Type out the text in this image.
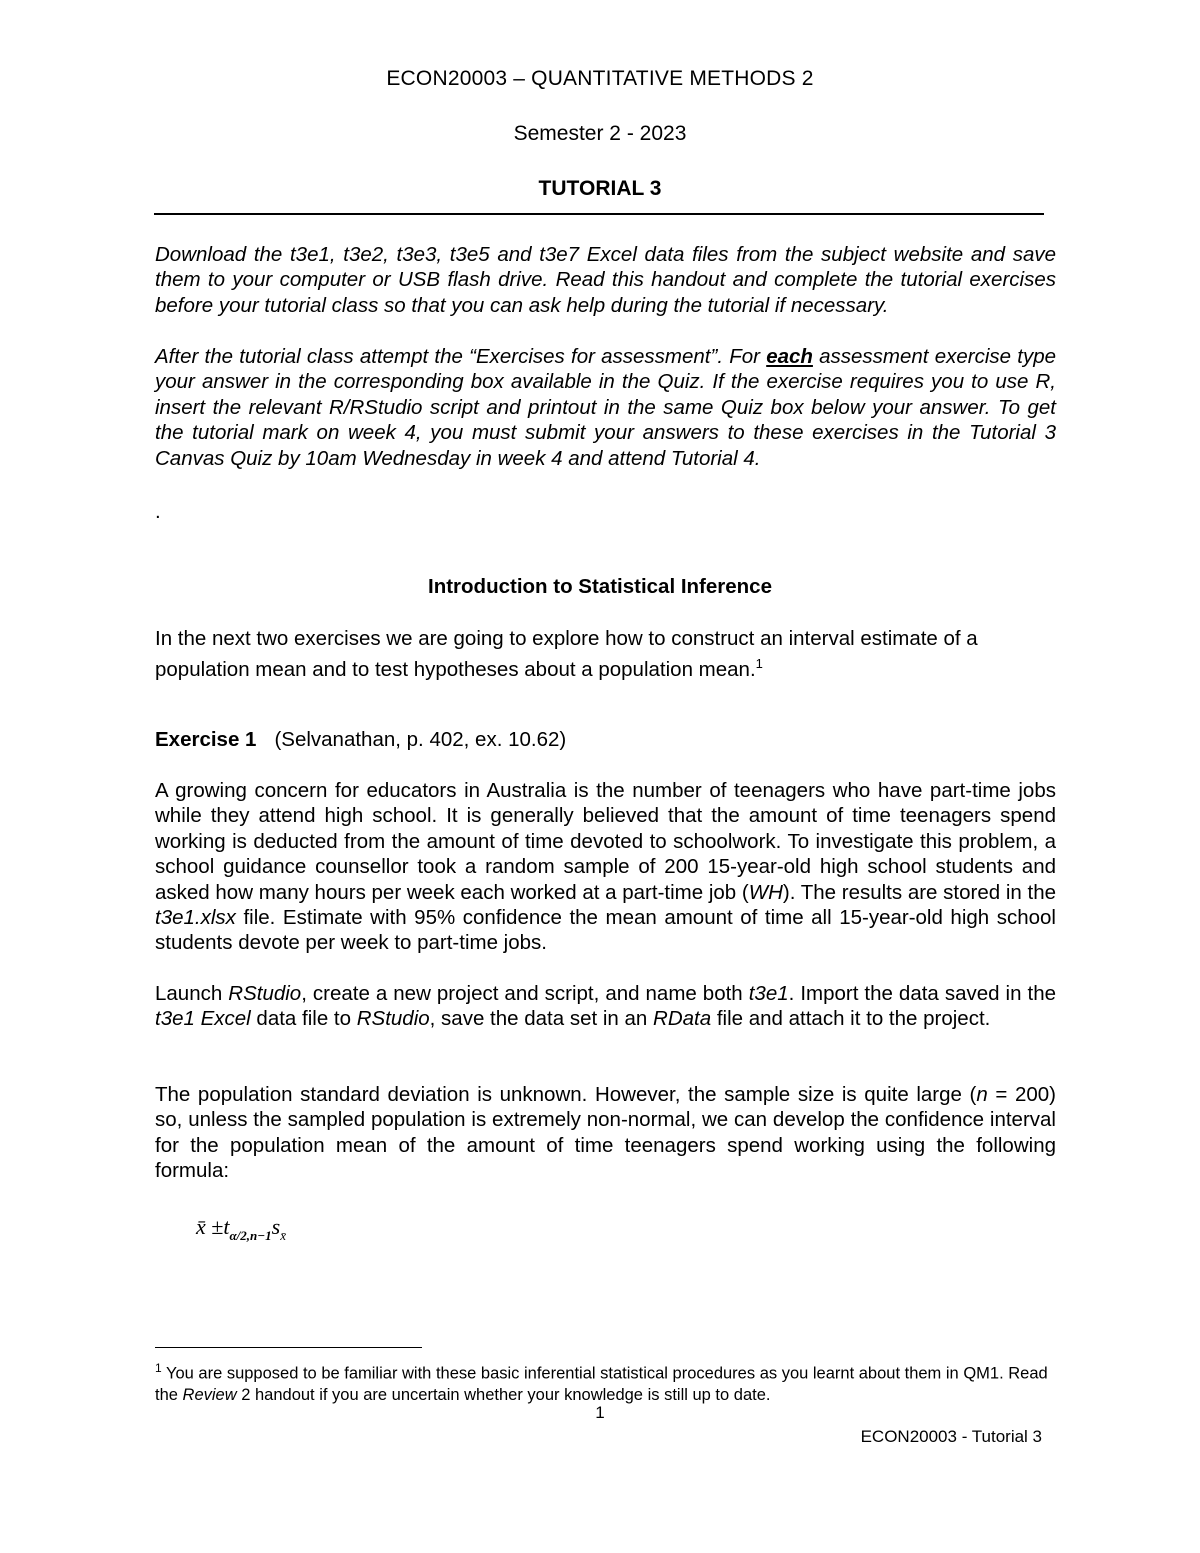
ECON20003 – QUANTITATIVE METHODS 2
Semester 2 - 2023
TUTORIAL 3

Download the t3e1, t3e2, t3e3, t3e5 and t3e7 Excel data files from the subject website and save them to your computer or USB flash drive. Read this handout and complete the tutorial exercises before your tutorial class so that you can ask help during the tutorial if necessary.

After the tutorial class attempt the “Exercises for assessment”. For each assessment exercise type your answer in the corresponding box available in the Quiz. If the exercise requires you to use R, insert the relevant R/RStudio script and printout in the same Quiz box below your answer. To get the tutorial mark on week 4, you must submit your answers to these exercises in the Tutorial 3 Canvas Quiz by 10am Wednesday in week 4 and attend Tutorial 4.

.
Introduction to Statistical Inference

In the next two exercises we are going to explore how to construct an interval estimate of a population mean and to test hypotheses about a population mean.$^1$

Exercise 1 (Selvanathan, p. 402, ex. 10.62)

A growing concern for educators in Australia is the number of teenagers who have part-time jobs while they attend high school. It is generally believed that the amount of time teenagers spend working is deducted from the amount of time devoted to schoolwork. To investigate this problem, a school guidance counsellor took a random sample of 200 15-year-old high school students and asked how many hours per week each worked at a part-time job (WH). The results are stored in the t3e1.xlsx file. Estimate with 95% confidence the mean amount of time all 15-year-old high school students devote per week to part-time jobs.

Launch RStudio, create a new project and script, and name both t3e1. Import the data saved in the t3e1 Excel data file to RStudio, save the data set in an RData file and attach it to the project.

The population standard deviation is unknown. However, the sample size is quite large (n = 200) so, unless the sampled population is extremely non-normal, we can develop the confidence interval for the population mean of the amount of time teenagers spend working using the following formula:

x̄ $\pm t_{\alpha/2,n-1}s_{x̄}$
$^1$ You are supposed to be familiar with these basic inferential statistical procedures as you learnt about them in QM1. Read the Review 2 handout if you are uncertain whether your knowledge is still up to date.
1
ECON20003 - Tutorial 3
